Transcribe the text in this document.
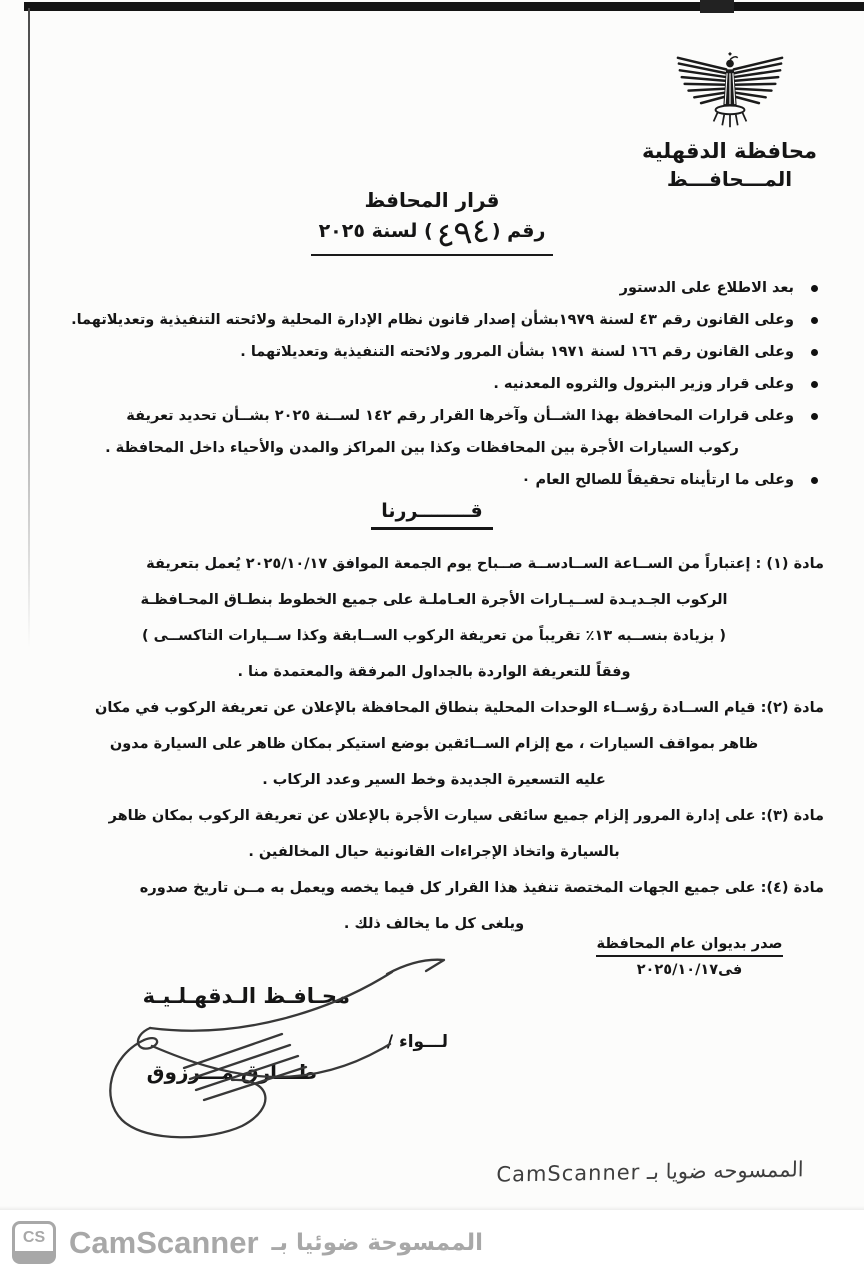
محافظة الدقهلية
المـــحافـــظ
قرار المحافظ
رقم (٤٩٤) لسنة ٢٠٢٥
بعد الاطلاع على الدستور
وعلى القانون رقم ٤٣ لسنة ١٩٧٩بشأن إصدار قانون نظام الإدارة المحلية ولائحته التنفيذية وتعديلاتهما.
وعلى القانون رقم ١٦٦ لسنة ١٩٧١ بشأن المرور ولائحته التنفيذية وتعديلاتهما .
وعلى قرار وزير البترول والثروه المعدنيه .
وعلى قرارات المحافظة بهذا الشــأن وآخرها القرار رقم ١٤٢ لســنة ٢٠٢٥ بشــأن تحديد تعريفة
ركوب السيارات الأجرة بين المحافظات وكذا بين المراكز والمدن والأحياء داخل المحافظة .
وعلى ما ارتأيناه تحقيقاً للصالح العام ٠
قــــــــررنا
مادة (١) : إعتباراً من الســاعة الســادســة صــباح يوم الجمعة الموافق ٢٠٢٥/١٠/١٧ يُعمل بتعريفة
الركوب الجـديـدة لســيـارات الأجرة العـاملـة على جميع الخطوط بنطـاق المحـافظـة
( بزيادة بنســبه ١٣٪ تقريباً من تعريفة الركوب الســابقة وكذا ســيارات التاكســى )
وفقاً للتعريفة الواردة بالجداول المرفقة والمعتمدة منا .
مادة (٢): قيام الســادة رؤســاء الوحدات المحلية بنطاق المحافظة بالإعلان عن تعريفة الركوب في مكان
ظاهر بمواقف السيارات ، مع إلزام الســائقين بوضع استيكر بمكان ظاهر على السيارة مدون
عليه التسعيرة الجديدة وخط السير وعدد الركاب .
مادة (٣): على إدارة المرور إلزام جميع سائقى سيارت الأجرة بالإعلان عن تعريفة الركوب بمكان ظاهر
بالسيارة واتخاذ الإجراءات القانونية حيال المخالفين .
مادة (٤): على جميع الجهات المختصة تنفيذ هذا القرار كل فيما يخصه ويعمل به مــن تاريخ صدوره
ويلغى كل ما يخالف ذلك .
صدر بديوان عام المحافظة
فى٢٠٢٥/١٠/١٧
محـافـظ الـدقهـلـيـة
لـــواء /
طـــارق مـــرزوق
الممسوحه ضويا بـ CamScanner
الممسوحة ضوئيا بـ
CamScanner
CS
